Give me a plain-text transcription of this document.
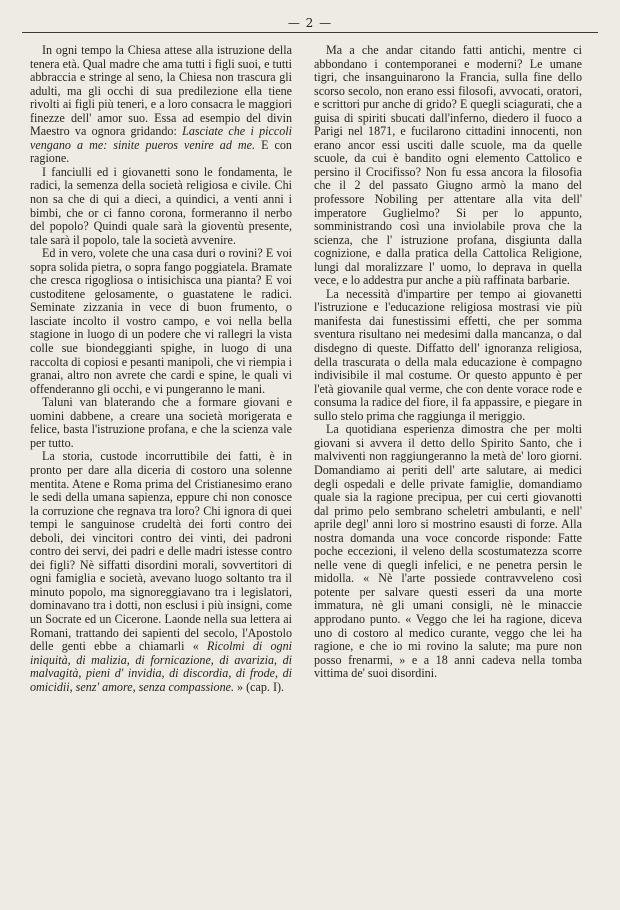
— 2 —

In ogni tempo la Chiesa attese alla istruzione della tenera età. Qual madre che ama tutti i figli suoi, e tutti abbraccia e stringe al seno, la Chiesa non trascura gli adulti, ma gli occhi di sua predilezione ella tiene rivolti ai figli più teneri, e a loro consacra le maggiori finezze dell' amor suo. Essa ad esempio del divin Maestro va ognora gridando: Lasciate che i piccoli vengano a me: sinite pueros venire ad me. E con ragione.

I fanciulli ed i giovanetti sono le fondamenta, le radici, la semenza della società religiosa e civile. Chi non sa che di qui a dieci, a quindici, a venti anni i bimbi, che or ci fanno corona, formeranno il nerbo del popolo? Quindi quale sarà la gioventù presente, tale sarà il popolo, tale la società avvenire.

Ed in vero, volete che una casa duri o rovini? E voi sopra solida pietra, o sopra fango poggiatela. Bramate che cresca rigogliosa o intisichisca una pianta? E voi custoditene gelosamente, o guastatene le radici. Seminate zizzania in vece di buon frumento, o lasciate incolto il vostro campo, e voi nella bella stagione in luogo di un podere che vi rallegri la vista colle sue biondeggianti spighe, in luogo di una raccolta di copiosi e pesanti manipoli, che vi riempia i granai, altro non avrete che cardi e spine, le quali vi offenderanno gli occhi, e vi pungeranno le mani.

Taluni van blaterando che a formare giovani e uomini dabbene, a creare una società morigerata e felice, basta l'istruzione profana, e che la scienza vale per tutto.

La storia, custode incorruttibile dei fatti, è in pronto per dare alla diceria di costoro una solenne mentita. Atene e Roma prima del Cristianesimo erano le sedi della umana sapienza, eppure chi non conosce la corruzione che regnava tra loro? Chi ignora di quei tempi le sanguinose crudeltà dei forti contro dei deboli, dei vincitori contro dei vinti, dei padroni contro dei servi, dei padri e delle madri istesse contro dei figli? Nè siffatti disordini morali, sovvertitori di ogni famiglia e società, avevano luogo soltanto tra il minuto popolo, ma signoreggiavano tra i legislatori, dominavano tra i dotti, non esclusi i più insigni, come un Socrate ed un Cicerone. Laonde nella sua lettera ai Romani, trattando dei sapienti del secolo, l'Apostolo delle genti ebbe a chiamarli « Ricolmi di ogni iniquità, di malizia, di fornicazione, di avarizia, di malvagità, pieni d' invidia, di discordia, di frode, di omicidii, senz' amore, senza compassione. » (cap. I).

Ma a che andar citando fatti antichi, mentre ci abbondano i contemporanei e moderni? Le umane tigri, che insanguinarono la Francia, sulla fine dello scorso secolo, non erano essi filosofi, avvocati, oratori, e scrittori pur anche di grido? E quegli sciagurati, che a guisa di spiriti sbucati dall'inferno, diedero il fuoco a Parigi nel 1871, e fucilarono cittadini innocenti, non erano ancor essi usciti dalle scuole, ma da quelle scuole, da cui è bandito ogni elemento Cattolico e persino il Crocifisso? Non fu essa ancora la filosofia che il 2 del passato Giugno armò la mano del professore Nobiling per attentare alla vita dell' imperatore Guglielmo? Si per lo appunto, somministrando così una inviolabile prova che la scienza, che l' istruzione profana, disgiunta dalla cognizione, e dalla pratica della Cattolica Religione, lungi dal moralizzare l' uomo, lo deprava in quella vece, e lo addestra pur anche a più raffinata barbarie.

La necessità d'impartire per tempo ai giovanetti l'istruzione e l'educazione religiosa mostrasi vie più manifesta dai funestissimi effetti, che per somma sventura risultano nei medesimi dalla mancanza, o dal disdegno di queste. Diffatto dell' ignoranza religiosa, della trascurata o della mala educazione è compagno indivisibile il mal costume. Or questo appunto è per l'età giovanile qual verme, che con dente vorace rode e consuma la radice del fiore, il fa appassire, e piegare in sullo stelo prima che raggiunga il meriggio.

La quotidiana esperienza dimostra che per molti giovani si avvera il detto dello Spirito Santo, che i malviventi non raggiungeranno la metà de' loro giorni. Domandiamo ai periti dell' arte salutare, ai medici degli ospedali e delle private famiglie, domandiamo quale sia la ragione precipua, per cui certi giovanotti dal primo pelo sembrano scheletri ambulanti, e nell' aprile degl' anni loro si mostrino esausti di forze. Alla nostra domanda una voce concorde risponde: Fatte poche eccezioni, il veleno della scostumatezza scorre nelle vene di quegli infelici, e ne penetra persin le midolla. « Nè l'arte possiede contravveleno così potente per salvare questi esseri da una morte immatura, nè gli umani consigli, nè le minaccie approdano punto. « Veggo che lei ha ragione, diceva uno di costoro al medico curante, veggo che lei ha ragione, e che io mi rovino la salute; ma pure non posso frenarmi, » e a 18 anni cadeva nella tomba vittima de' suoi disordini.
